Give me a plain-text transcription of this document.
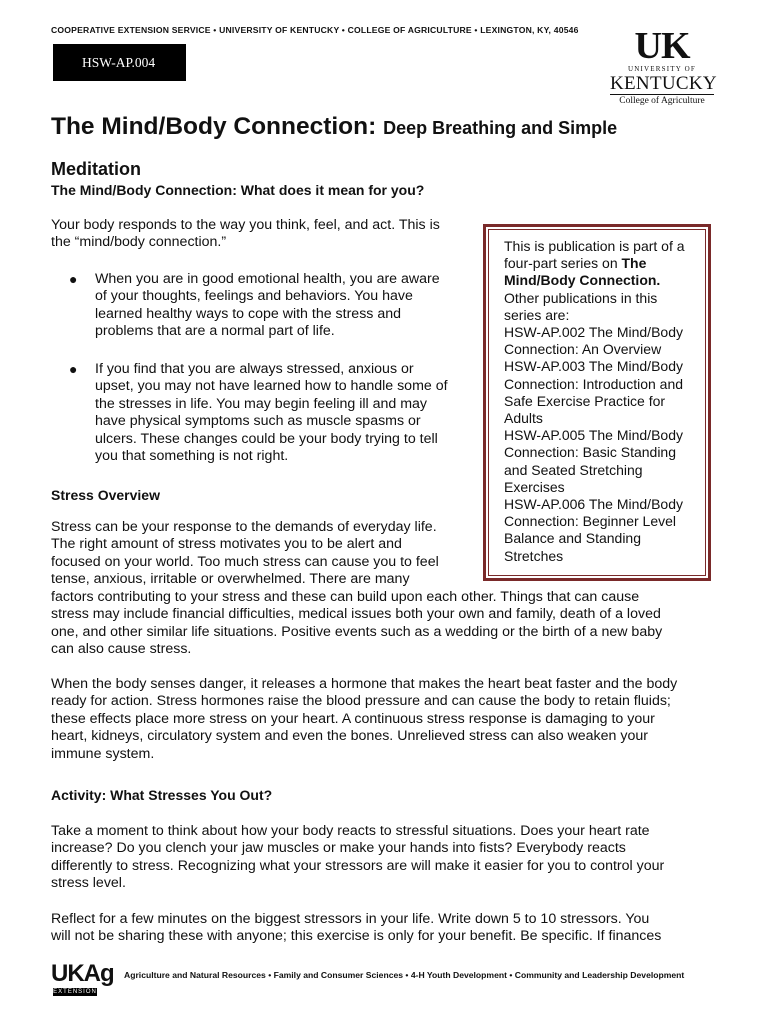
COOPERATIVE EXTENSION SERVICE • UNIVERSITY OF KENTUCKY • COLLEGE OF AGRICULTURE • LEXINGTON, KY, 40546
HSW-AP.004	UK
UNIVERSITY OF
KENTUCKY
College of Agriculture
The Mind/Body Connection: Deep Breathing and Simple Meditation
The Mind/Body Connection: What does it mean for you?
Your body responds to the way you think, feel, and act. This is
the “mind/body connection.”
● When you are in good emotional health, you are aware
of your thoughts, feelings and behaviors. You have
learned healthy ways to cope with the stress and
problems that are a normal part of life.
● If you find that you are always stressed, anxious or
upset, you may not have learned how to handle some of
the stresses in life. You may begin feeling ill and may
have physical symptoms such as muscle spasms or
ulcers. These changes could be your body trying to tell
you that something is not right.
This is publication is part of a four-part series on The Mind/Body Connection.
Other publications in this
series are:
HSW-AP.002 The Mind/Body
Connection: An Overview
HSW-AP.003 The Mind/Body
Connection: Introduction and
Safe Exercise Practice for
Adults
HSW-AP.005 The Mind/Body
Connection: Basic Standing
and Seated Stretching
Exercises
HSW-AP.006 The Mind/Body
Connection: Beginner Level
Balance and Standing
Stretches
Stress Overview
Stress can be your response to the demands of everyday life.
The right amount of stress motivates you to be alert and
focused on your world. Too much stress can cause you to feel
tense, anxious, irritable or overwhelmed. There are many
factors contributing to your stress and these can build upon each other. Things that can cause
stress may include financial difficulties, medical issues both your own and family, death of a loved
one, and other similar life situations. Positive events such as a wedding or the birth of a new baby
can also cause stress.
When the body senses danger, it releases a hormone that makes the heart beat faster and the body
ready for action. Stress hormones raise the blood pressure and can cause the body to retain fluids;
these effects place more stress on your heart. A continuous stress response is damaging to your
heart, kidneys, circulatory system and even the bones. Unrelieved stress can also weaken your
immune system.
Activity: What Stresses You Out?
Take a moment to think about how your body reacts to stressful situations. Does your heart rate
increase? Do you clench your jaw muscles or make your hands into fists? Everybody reacts
differently to stress. Recognizing what your stressors are will make it easier for you to control your
stress level.
Reflect for a few minutes on the biggest stressors in your life. Write down 5 to 10 stressors. You
will not be sharing these with anyone; this exercise is only for your benefit. Be specific. If finances
UKAg
EXTENSION
Agriculture and Natural Resources • Family and Consumer Sciences • 4-H Youth Development • Community and Leadership Development
